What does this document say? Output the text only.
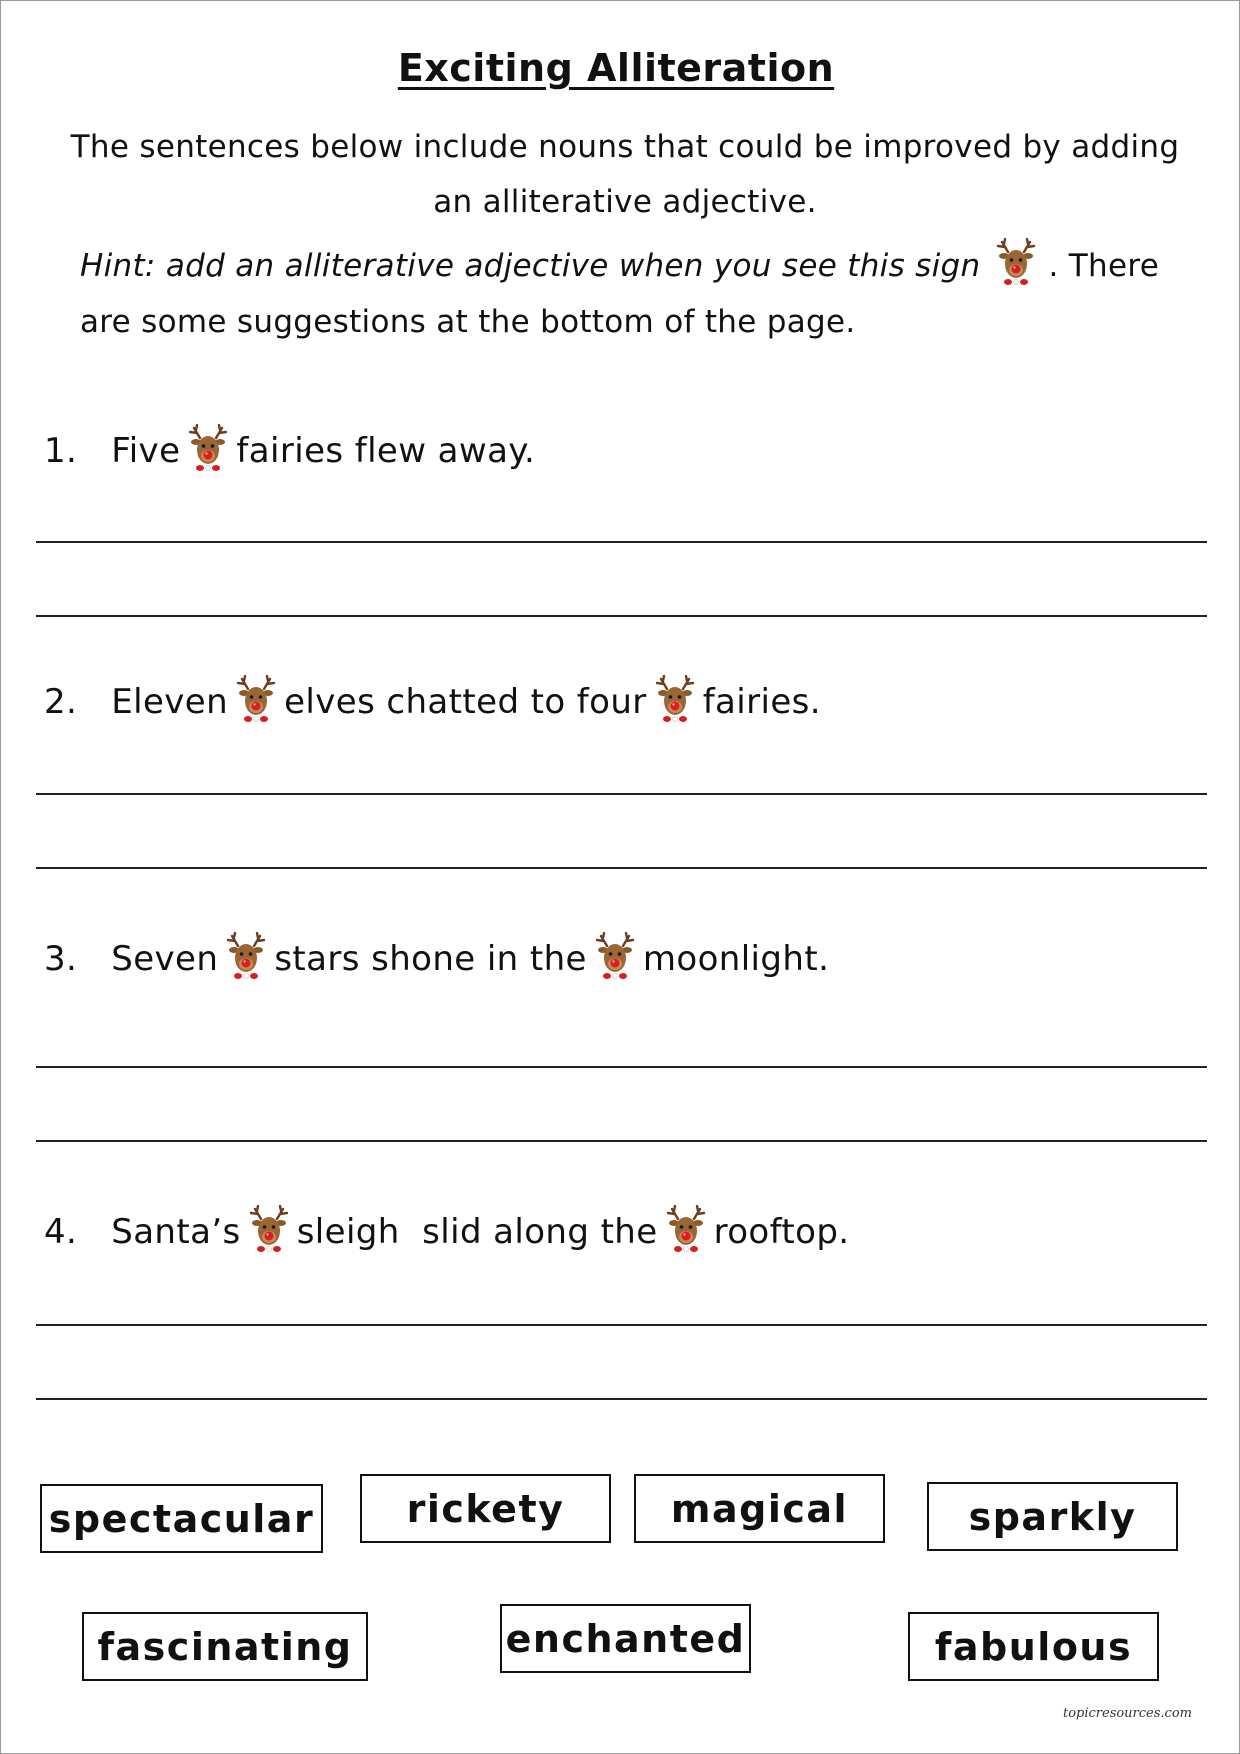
Exciting Alliteration
The sentences below include nouns that could be improved by adding an alliterative adjective.
Hint: add an alliterative adjective when you see this sign . There are some suggestions at the bottom of the page.
1. Five fairies flew away.
2. Eleven elves chatted to four fairies.
3. Seven stars shone in the moonlight.
4. Santa’s sleigh  slid along the rooftop.
spectacular	rickety	magical	sparkly
fascinating	enchanted	fabulous
topicresources.com
